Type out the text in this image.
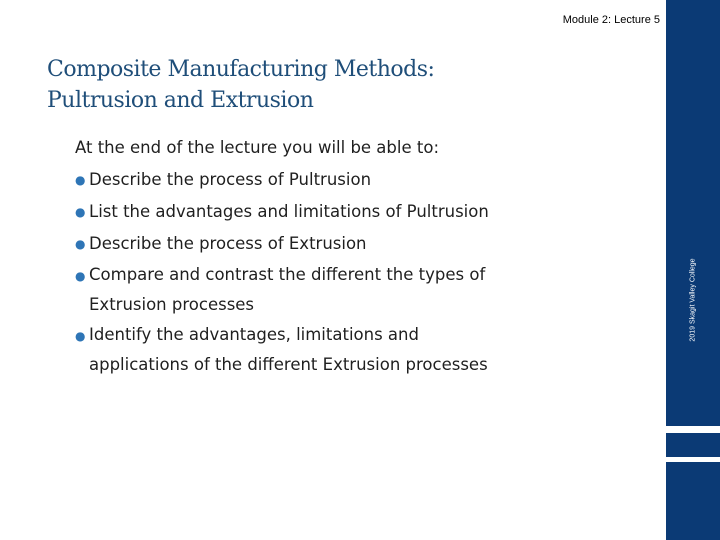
Module 2: Lecture 5
Composite Manufacturing Methods:
Pultrusion and Extrusion
At the end of the lecture you will be able to:
● Describe the process of Pultrusion
● List the advantages and limitations of Pultrusion
● Describe the process of Extrusion
● Compare and contrast the different the types of
Extrusion processes
● Identify the advantages, limitations and
applications of the different Extrusion processes
2019 Skagit Valley College
